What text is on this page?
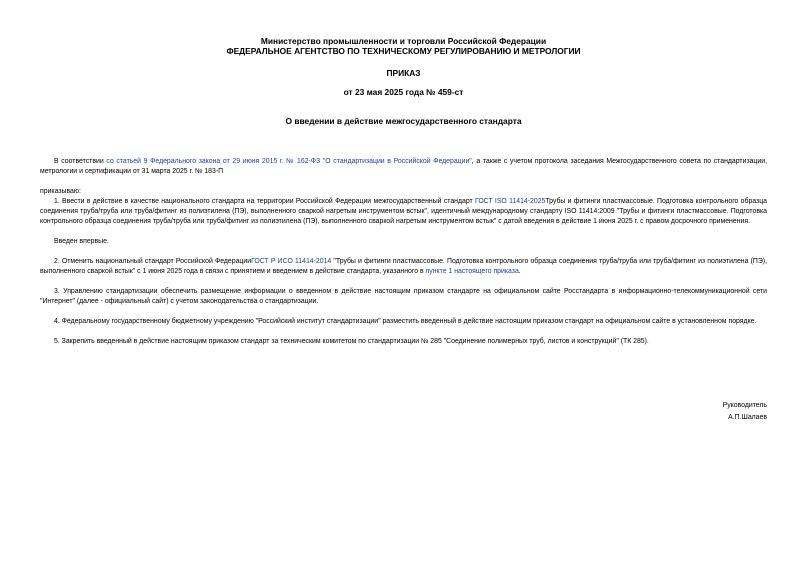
Министерство промышленности и торговли Российской Федерации
ФЕДЕРАЛЬНОЕ АГЕНТСТВО ПО ТЕХНИЧЕСКОМУ РЕГУЛИРОВАНИЮ И МЕТРОЛОГИИ
ПРИКАЗ
от 23 мая 2025 года № 459-ст
О введении в действие межгосударственного стандарта

В соответствии со статьей 9 Федерального закона от 29 июня 2015 г. № 162-ФЗ "О стандартизации в Российской Федерации", а также с учетом протокола заседания Межгосударственного совета по стандартизации, метрологии и сертификации от 31 марта 2025 г. № 183-П

приказываю:

1. Ввести в действие в качестве национального стандарта на территории Российской Федерации межгосударственный стандарт ГОСТ ISO 11414-2025Трубы и фитинги пластмассовые. Подготовка контрольного образца соединения труба/труба или труба/фитинг из полиэтилена (ПЭ), выполненного сваркой нагретым инструментом встык", идентичный международному стандарту ISO 11414:2009 "Трубы и фитинги пластмассовые. Подготовка контрольного образца соединения труба/труба или труба/фитинг из полиэтилена (ПЭ), выполненного сваркой нагретым инструментом встык" с датой введения в действие 1 июня 2025 г. с правом досрочного применения.

Введен впервые.

2. Отменить национальный стандарт Российской ФедерацииГОСТ Р ИСО 11414-2014 "Трубы и фитинги пластмассовые. Подготовка контрольного образца соединения труба/труба или труба/фитинг из полиэтилена (ПЭ), выполненного сваркой встык" с 1 июня 2025 года в связи с принятием и введением в действие стандарта, указанного в пункте 1 настоящего приказа.

3. Управлению стандартизации обеспечить размещение информации о введенном в действие настоящим приказом стандарте на официальном сайте Росстандарта в информационно-телекоммуникационной сети "Интернет" (далее - официальный сайт) с учетом законодательства о стандартизации.

4. Федеральному государственному бюджетному учреждению "Российский институт стандартизации" разместить введенный в действие настоящим приказом стандарт на официальном сайте в установленном порядке.

5. Закрепить введенный в действие настоящим приказом стандарт за техническим комитетом по стандартизации № 285 "Соединение полимерных труб, листов и конструкций" (ТК 285).

Руководитель
А.П.Шалаев
